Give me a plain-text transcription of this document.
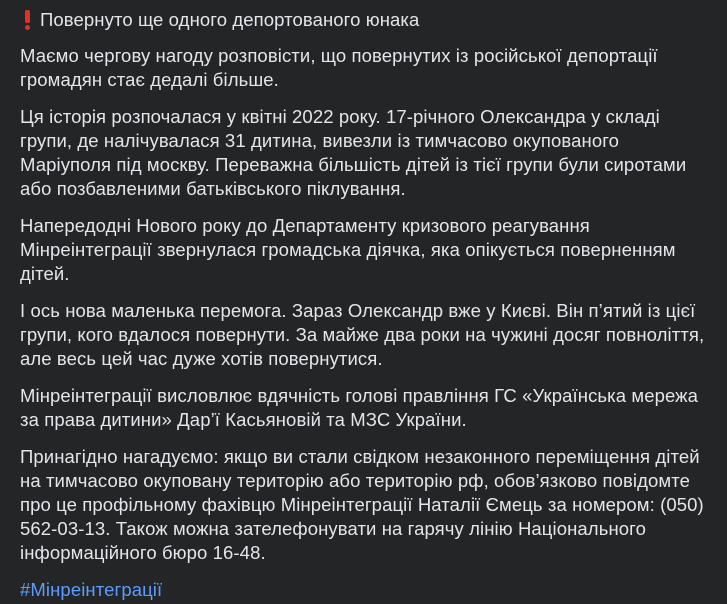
Повернуто ще одного депортованого юнака

Маємо чергову нагоду розповісти, що повернутих із російської депортації громадян стає дедалі більше.

Ця історія розпочалася у квітні 2022 року. 17-річного Олександра у складі групи, де налічувалася 31 дитина, вивезли із тимчасово окупованого Маріуполя під москву. Переважна більшість дітей із тієї групи були сиротами або позбавленими батьківського піклування.

Напередодні Нового року до Департаменту кризового реагування Мінреінтеграції звернулася громадська діячка, яка опікується поверненням дітей.

І ось нова маленька перемога. Зараз Олександр вже у Києві. Він п’ятий із цієї групи, кого вдалося повернути. За майже два роки на чужині досяг повноліття, але весь цей час дуже хотів повернутися.

Мінреінтеграції висловлює вдячність голові правління ГС «Українська мережа за права дитини» Дар’ї Касьяновій та МЗС України.

Принагідно нагадуємо: якщо ви стали свідком незаконного переміщення дітей на тимчасово окуповану територію або територію рф, обов’язково повідомте про це профільному фахівцю Мінреінтеграції Наталії Ємець за номером: (050) 562-03-13. Також можна зателефонувати на гарячу лінію Національного інформаційного бюро 16-48.

#Мінреінтеграції
